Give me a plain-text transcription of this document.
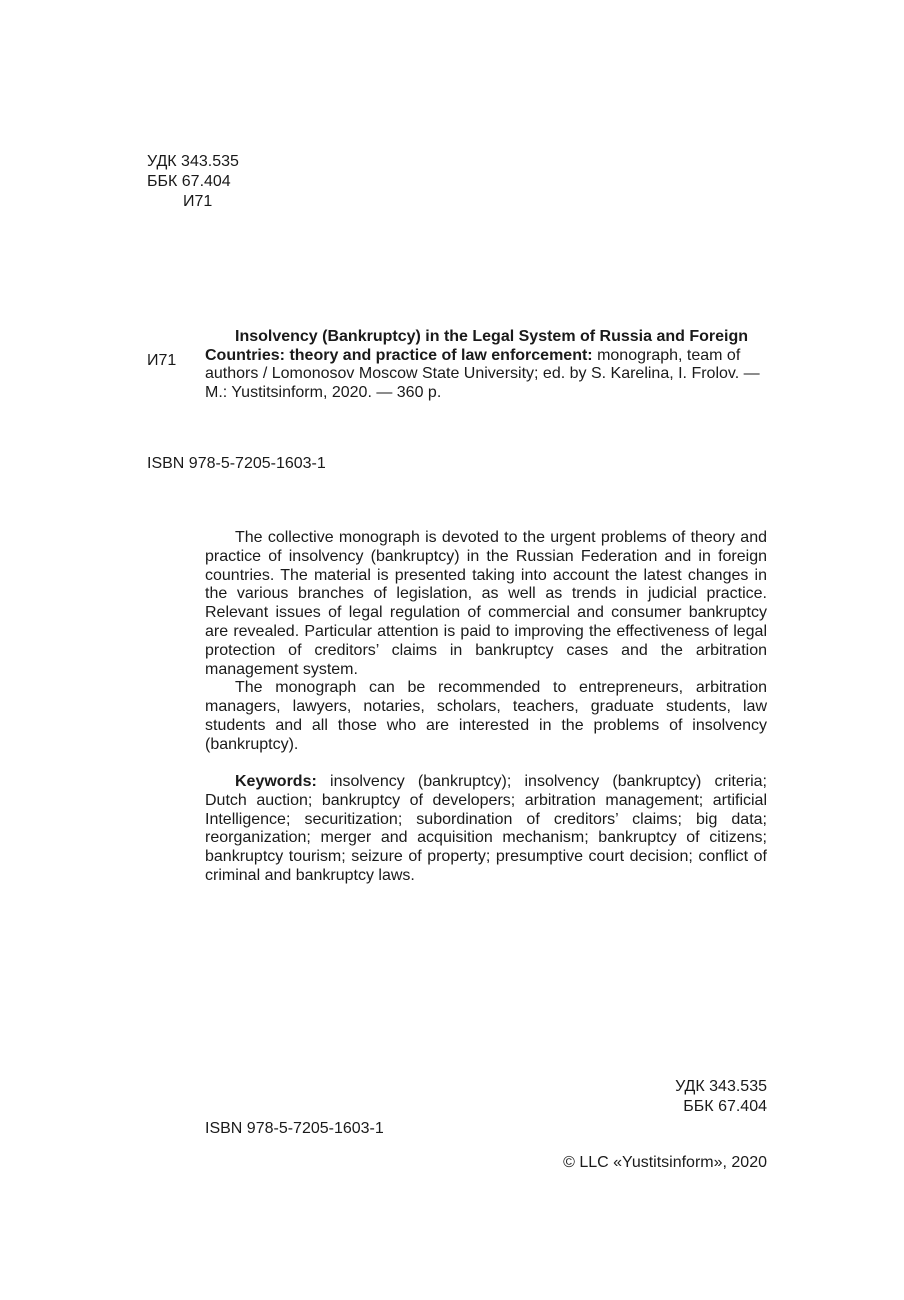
УДК 343.535
ББК 67.404
И71
И71
Insolvency (Bankruptcy) in the Legal System of Russia and Foreign Countries: theory and practice of law enforcement: monograph, team of authors / Lomonosov Moscow State University; ed. by S. Karelina, I. Frolov. — M.: Yustitsinform, 2020. — 360 p.
ISBN 978-5-7205-1603-1

The collective monograph is devoted to the urgent problems of theory and practice of insolvency (bankruptcy) in the Russian Federation and in foreign countries. The material is presented taking into account the latest changes in the various branches of legislation, as well as trends in judicial practice. Relevant issues of legal regulation of commercial and consumer bankruptcy are revealed. Particular attention is paid to improving the effectiveness of legal protection of creditors’ claims in bankruptcy cases and the arbitration management system.

The monograph can be recommended to entrepreneurs, arbitration managers, lawyers, notaries, scholars, teachers, graduate students, law students and all those who are interested in the problems of insolvency (bankruptcy).

Keywords: insolvency (bankruptcy); insolvency (bankruptcy) criteria; Dutch auction; bankruptcy of developers; arbitration management; artificial Intelligence; securitization; subordination of creditors’ claims; big data; reorganization; merger and acquisition mechanism; bankruptcy of citizens; bankruptcy tourism; seizure of property; presumptive court decision; conflict of criminal and bankruptcy laws.

УДК 343.535
ББК 67.404
ISBN 978-5-7205-1603-1
© LLC «Yustitsinform», 2020
